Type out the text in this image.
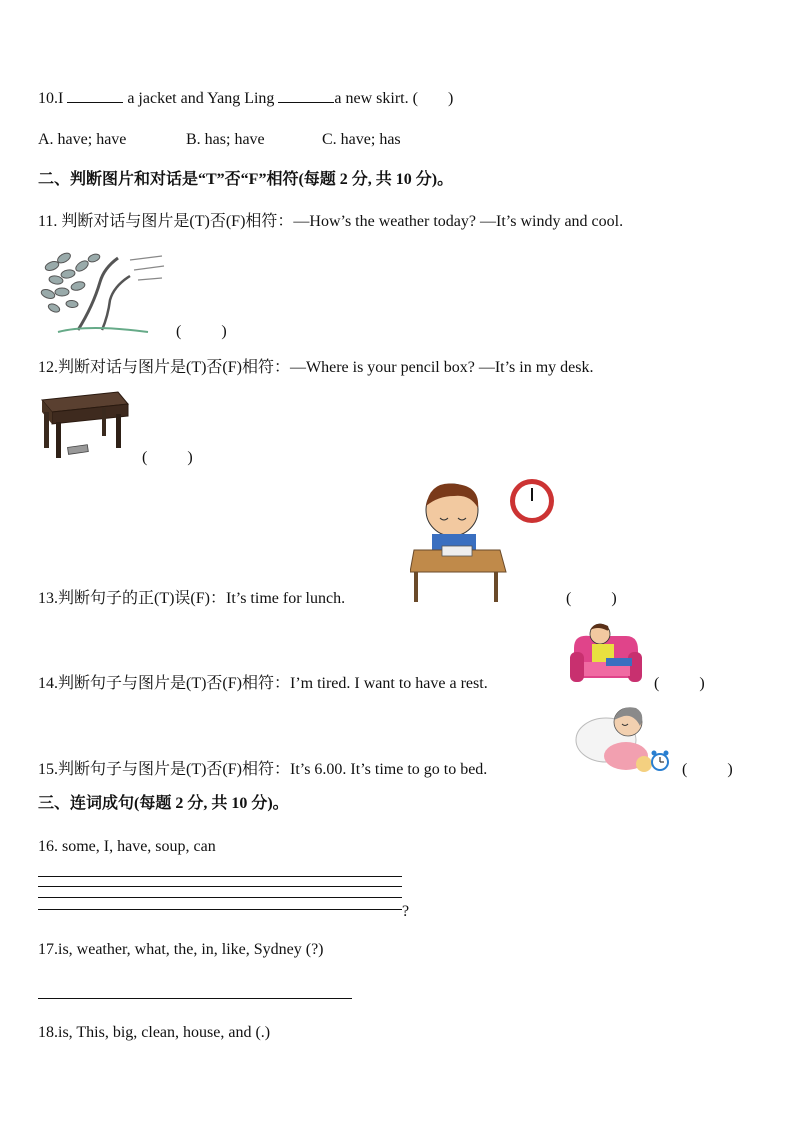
10.I	a jacket and Yang Ling	a new skirt. ( )
A. have; have	B. has; have	C. have; has
二、判断图片和对话是“T”否“F”相符(每题 2 分, 共 10 分)。
11. 判断对话与图片是(T)否(F)相符：—How’s the weather today? —It’s windy and cool.
(          )
12.判断对话与图片是(T)否(F)相符：—Where is your pencil box? —It’s in my desk.
(          )
13.判断句子的正(T)误(F)：It’s time for lunch.	(          )
14.判断句子与图片是(T)否(F)相符：I’m tired. I want to have a rest.	(          )
15.判断句子与图片是(T)否(F)相符：It’s 6.00. It’s time to go to bed.	(          )
三、连词成句(每题 2 分, 共 10 分)。
16. some, I, have, soup, can
?
17.is, weather, what, the, in, like, Sydney (?)
18.is, This, big, clean, house, and (.)
